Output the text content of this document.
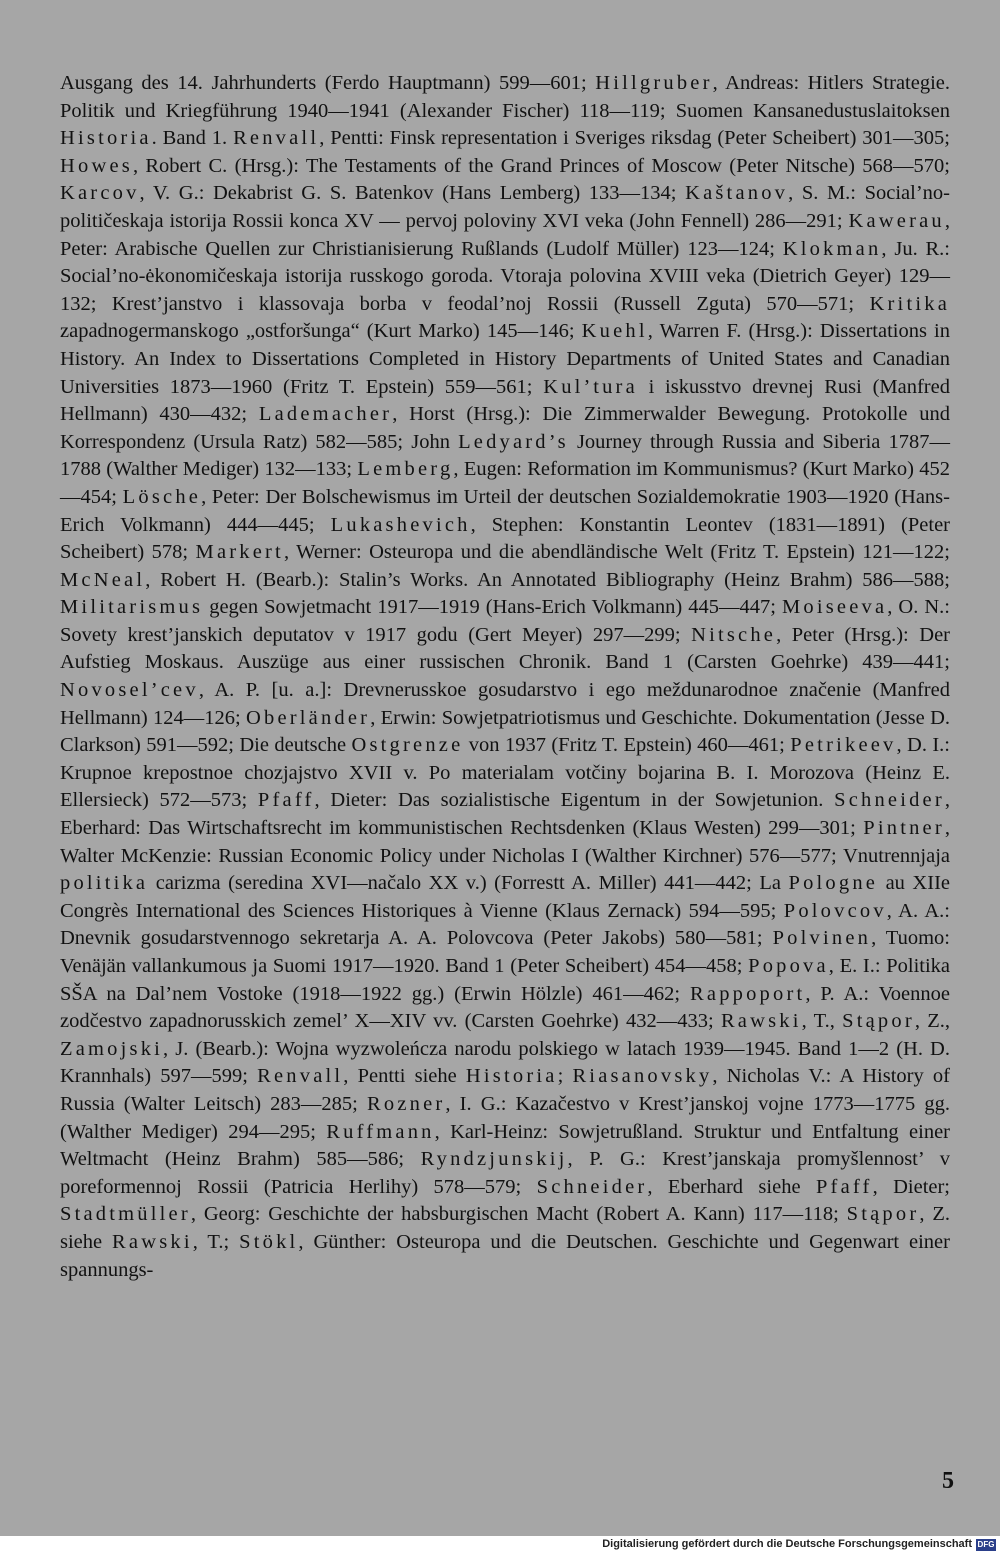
Ausgang des 14. Jahrhunderts (Ferdo Hauptmann) 599—601; Hillgruber, Andreas: Hitlers Strategie. Politik und Kriegführung 1940—1941 (Alexander Fischer) 118—119; Suomen Kansanedustuslaitoksen Historia. Band 1. Renvall, Pentti: Finsk representation i Sveriges riksdag (Peter Scheibert) 301—305; Howes, Robert C. (Hrsg.): The Testaments of the Grand Princes of Moscow (Peter Nitsche) 568—570; Karcov, V. G.: Dekabrist G. S. Batenkov (Hans Lemberg) 133—134; Kaštanov, S. M.: Social’no-političeskaja istorija Rossii konca XV — pervoj poloviny XVI veka (John Fennell) 286—291; Kawerau, Peter: Arabische Quellen zur Christianisierung Rußlands (Ludolf Müller) 123—124; Klokman, Ju. R.: Social’no-ėkonomičeskaja istorija russkogo goroda. Vtoraja polovina XVIII veka (Dietrich Geyer) 129—132; Krest’janstvo i klassovaja borba v feodal’noj Rossii (Russell Zguta) 570—571; Kritika zapadnogermanskogo „ostforšunga“ (Kurt Marko) 145—146; Kuehl, Warren F. (Hrsg.): Dissertations in History. An Index to Dissertations Completed in History Departments of United States and Canadian Universities 1873—1960 (Fritz T. Epstein) 559—561; Kul’tura i iskusstvo drevnej Rusi (Manfred Hellmann) 430—432; Lademacher, Horst (Hrsg.): Die Zimmerwalder Bewegung. Protokolle und Korrespondenz (Ursula Ratz) 582—585; John Ledyard’s Journey through Russia and Siberia 1787—1788 (Walther Mediger) 132—133; Lemberg, Eugen: Reformation im Kommunismus? (Kurt Marko) 452—454; Lösche, Peter: Der Bolschewismus im Urteil der deutschen Sozialdemokratie 1903—1920 (Hans-Erich Volkmann) 444—445; Lukashevich, Stephen: Konstantin Leontev (1831—1891) (Peter Scheibert) 578; Markert, Werner: Osteuropa und die abendländische Welt (Fritz T. Epstein) 121—122; McNeal, Robert H. (Bearb.): Stalin’s Works. An Annotated Bibliography (Heinz Brahm) 586—588; Militarismus gegen Sowjetmacht 1917—1919 (Hans-Erich Volkmann) 445—447; Moiseeva, O. N.: Sovety krest’janskich deputatov v 1917 godu (Gert Meyer) 297—299; Nitsche, Peter (Hrsg.): Der Aufstieg Moskaus. Auszüge aus einer russischen Chronik. Band 1 (Carsten Goehrke) 439—441; Novosel’cev, A. P. [u. a.]: Drevnerusskoe gosudarstvo i ego meždunarodnoe značenie (Manfred Hellmann) 124—126; Oberländer, Erwin: Sowjetpatriotismus und Geschichte. Dokumentation (Jesse D. Clarkson) 591—592; Die deutsche Ostgrenze von 1937 (Fritz T. Epstein) 460—461; Petrikeev, D. I.: Krupnoe krepostnoe chozjajstvo XVII v. Po materialam votčiny bojarina B. I. Morozova (Heinz E. Ellersieck) 572—573; Pfaff, Dieter: Das sozialistische Eigentum in der Sowjetunion. Schneider, Eberhard: Das Wirtschaftsrecht im kommunistischen Rechtsdenken (Klaus Westen) 299—301; Pintner, Walter McKenzie: Russian Economic Policy under Nicholas I (Walther Kirchner) 576—577; Vnutrennjaja politika carizma (seredina XVI—načalo XX v.) (Forrestt A. Miller) 441—442; La Pologne au XIIe Congrès International des Sciences Historiques à Vienne (Klaus Zernack) 594—595; Polovcov, A. A.: Dnevnik gosudarstvennogo sekretarja A. A. Polovcova (Peter Jakobs) 580—581; Polvinen, Tuomo: Venäjän vallankumous ja Suomi 1917—1920. Band 1 (Peter Scheibert) 454—458; Popova, E. I.: Politika SŠA na Dal’nem Vostoke (1918—1922 gg.) (Erwin Hölzle) 461—462; Rappoport, P. A.: Voennoe zodčestvo zapadnorusskich zemel’ X—XIV vv. (Carsten Goehrke) 432—433; Rawski, T., Stąpor, Z., Zamojski, J. (Bearb.): Wojna wyzwoleńcza narodu polskiego w latach 1939—1945. Band 1—2 (H. D. Krannhals) 597—599; Renvall, Pentti siehe Historia; Riasanovsky, Nicholas V.: A History of Russia (Walter Leitsch) 283—285; Rozner, I. G.: Kazačestvo v Krest’janskoj vojne 1773—1775 gg. (Walther Mediger) 294—295; Ruffmann, Karl-Heinz: Sowjetrußland. Struktur und Entfaltung einer Weltmacht (Heinz Brahm) 585—586; Ryndzjunskij, P. G.: Krest’janskaja promyšlennost’ v poreformennoj Rossii (Patricia Herlihy) 578—579; Schneider, Eberhard siehe Pfaff, Dieter; Stadtmüller, Georg: Geschichte der habsburgischen Macht (Robert A. Kann) 117—118; Stąpor, Z. siehe Rawski, T.; Stökl, Günther: Osteuropa und die Deutschen. Geschichte und Gegenwart einer spannungs-

5
Digitalisierung gefördert durch die Deutsche Forschungsgemeinschaft DFG
